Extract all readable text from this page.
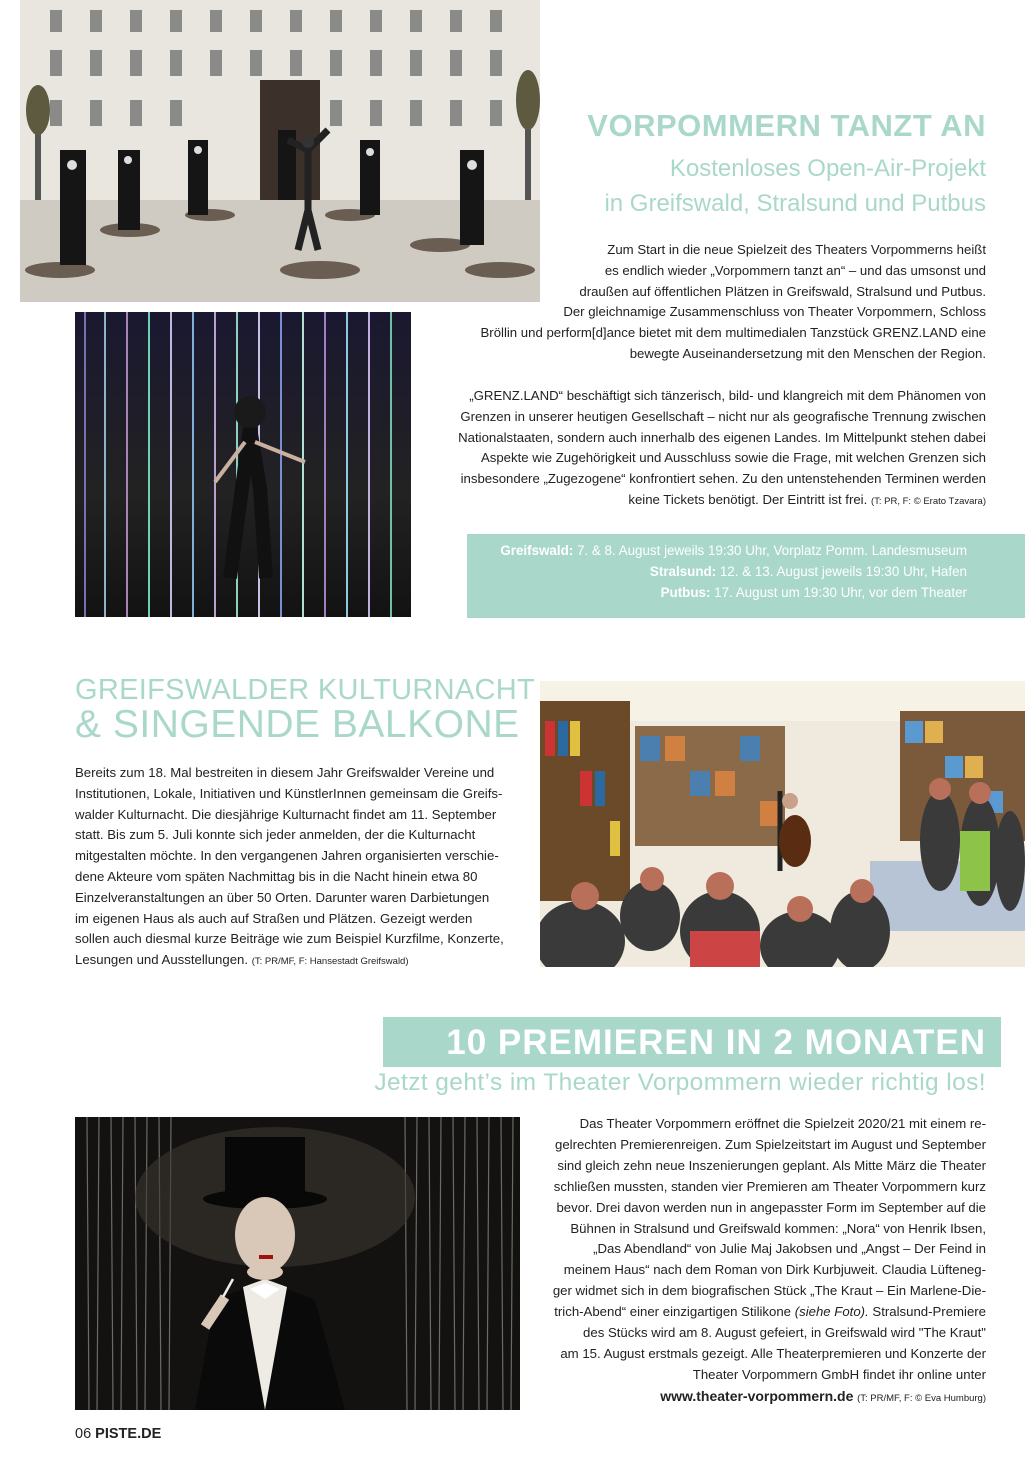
VORPOMMERN TANZT AN
Kostenloses Open-Air-Projekt
in Greifswald, Stralsund und Putbus
Zum Start in die neue Spielzeit des Theaters Vorpommerns heißt
es endlich wieder „Vorpommern tanzt an“ – und das umsonst und
draußen auf öffentlichen Plätzen in Greifswald, Stralsund und Putbus.
Der gleichnamige Zusammenschluss von Theater Vorpommern, Schloss
Bröllin und perform[d]ance bietet mit dem multimedialen Tanzstück GRENZ.LAND eine
bewegte Auseinandersetzung mit den Menschen der Region.
„GRENZ.LAND“ beschäftigt sich tänzerisch, bild- und klangreich mit dem Phänomen von
Grenzen in unserer heutigen Gesellschaft – nicht nur als geografische Trennung zwischen
Nationalstaaten, sondern auch innerhalb des eigenen Landes. Im Mittelpunkt stehen dabei
Aspekte wie Zugehörigkeit und Ausschluss sowie die Frage, mit welchen Grenzen sich
insbesondere „Zugezogene“ konfrontiert sehen. Zu den untenstehenden Terminen werden
keine Tickets benötigt. Der Eintritt ist frei. (T: PR, F: © Erato Tzavara)
Greifswald: 7. & 8. August jeweils 19:30 Uhr, Vorplatz Pomm. Landesmuseum
Stralsund: 12. & 13. August jeweils 19:30 Uhr, Hafen
Putbus: 17. August um 19:30 Uhr, vor dem Theater
GREIFSWALDER KULTURNACHT
& SINGENDE BALKONE
Bereits zum 18. Mal bestreiten in diesem Jahr Greifswalder Vereine und
Institutionen, Lokale, Initiativen und KünstlerInnen gemeinsam die Greifs-
walder Kulturnacht. Die diesjährige Kulturnacht findet am 11. September
statt. Bis zum 5. Juli konnte sich jeder anmelden, der die Kulturnacht
mitgestalten möchte. In den vergangenen Jahren organisierten verschie-
dene Akteure vom späten Nachmittag bis in die Nacht hinein etwa 80
Einzelveranstaltungen an über 50 Orten. Darunter waren Darbietungen
im eigenen Haus als auch auf Straßen und Plätzen. Gezeigt werden
sollen auch diesmal kurze Beiträge wie zum Beispiel Kurzfilme, Konzerte,
Lesungen und Ausstellungen. (T: PR/MF, F: Hansestadt Greifswald)
10 PREMIEREN IN 2 MONATEN
Jetzt geht’s im Theater Vorpommern wieder richtig los!
Das Theater Vorpommern eröffnet die Spielzeit 2020/21 mit einem re-
gelrechten Premierenreigen. Zum Spielzeitstart im August und September
sind gleich zehn neue Inszenierungen geplant. Als Mitte März die Theater
schließen mussten, standen vier Premieren am Theater Vorpommern kurz
bevor. Drei davon werden nun in angepasster Form im September auf die
Bühnen in Stralsund und Greifswald kommen: „Nora“ von Henrik Ibsen,
„Das Abendland“ von Julie Maj Jakobsen und „Angst – Der Feind in
meinem Haus“ nach dem Roman von Dirk Kurbjuweit. Claudia Lüfteneg-
ger widmet sich in dem biografischen Stück „The Kraut – Ein Marlene-Die-
trich-Abend“ einer einzigartigen Stilikone (siehe Foto). Stralsund-Premiere
des Stücks wird am 8. August gefeiert, in Greifswald wird "The Kraut"
am 15. August erstmals gezeigt. Alle Theaterpremieren und Konzerte der
Theater Vorpommern GmbH findet ihr online unter
www.theater-vorpommern.de (T: PR/MF, F: © Eva Humburg)
06 PISTE.DE
